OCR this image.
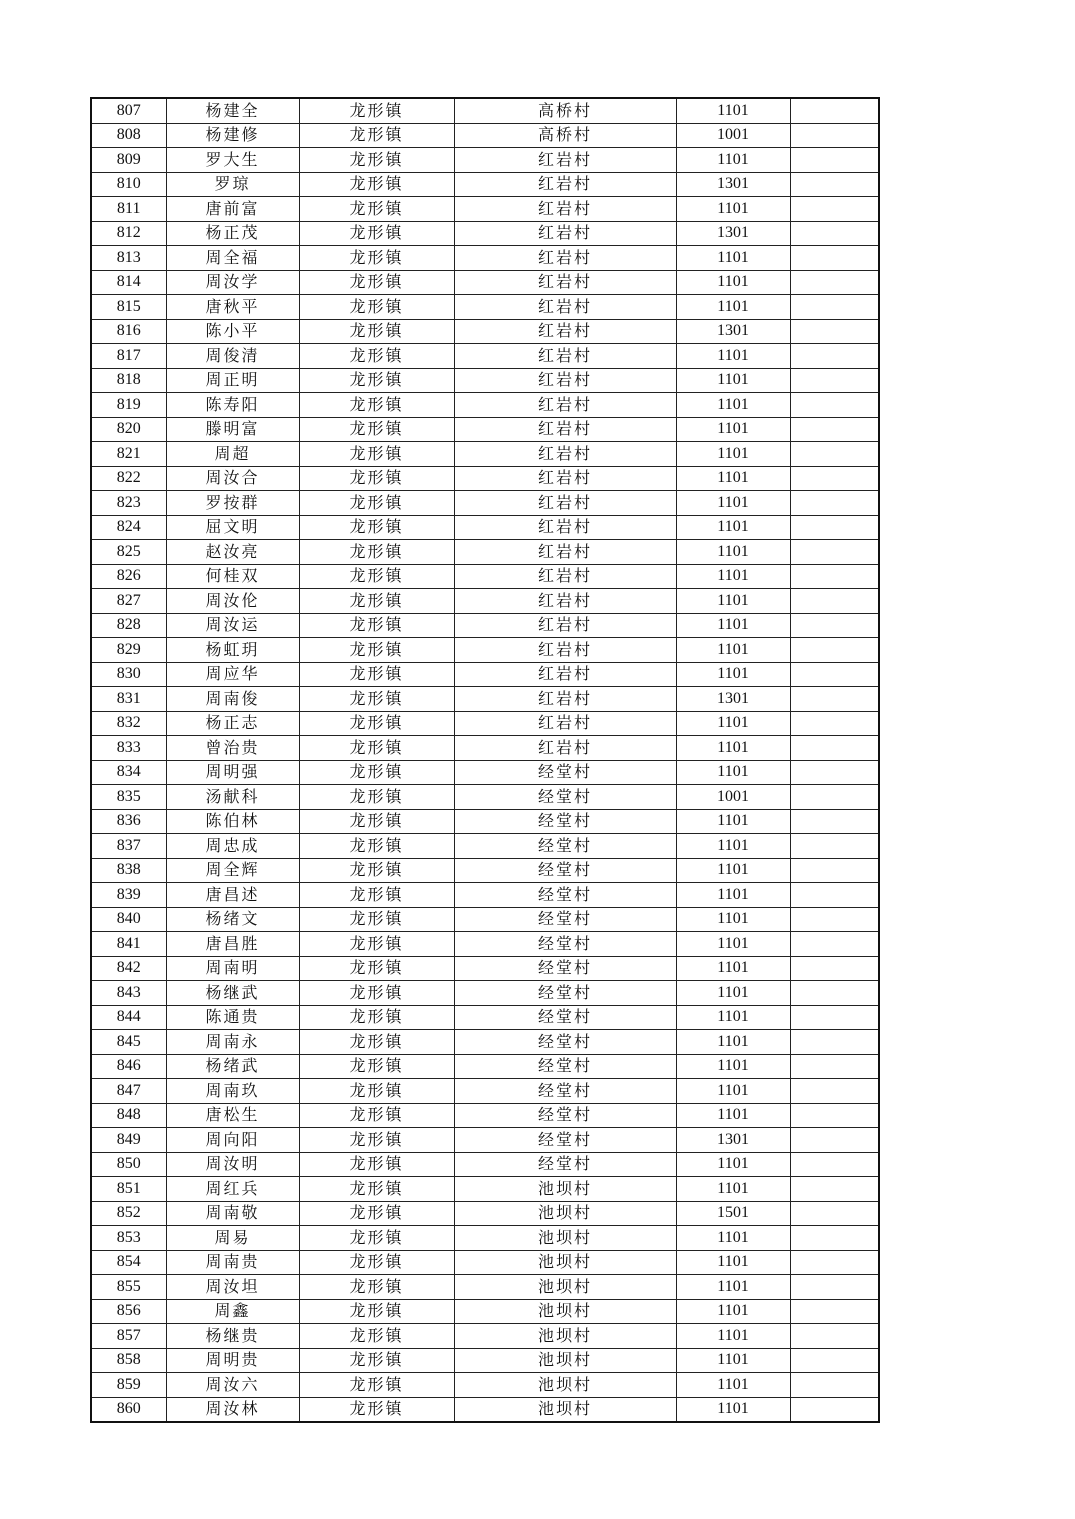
807	杨建全	龙形镇	高桥村	1101	
808	杨建修	龙形镇	高桥村	1001	
809	罗大生	龙形镇	红岩村	1101	
810	罗琼	龙形镇	红岩村	1301	
811	唐前富	龙形镇	红岩村	1101	
812	杨正茂	龙形镇	红岩村	1301	
813	周全福	龙形镇	红岩村	1101	
814	周汝学	龙形镇	红岩村	1101	
815	唐秋平	龙形镇	红岩村	1101	
816	陈小平	龙形镇	红岩村	1301	
817	周俊清	龙形镇	红岩村	1101	
818	周正明	龙形镇	红岩村	1101	
819	陈寿阳	龙形镇	红岩村	1101	
820	滕明富	龙形镇	红岩村	1101	
821	周超	龙形镇	红岩村	1101	
822	周汝合	龙形镇	红岩村	1101	
823	罗按群	龙形镇	红岩村	1101	
824	屈文明	龙形镇	红岩村	1101	
825	赵汝亮	龙形镇	红岩村	1101	
826	何桂双	龙形镇	红岩村	1101	
827	周汝伦	龙形镇	红岩村	1101	
828	周汝运	龙形镇	红岩村	1101	
829	杨虹玥	龙形镇	红岩村	1101	
830	周应华	龙形镇	红岩村	1101	
831	周南俊	龙形镇	红岩村	1301	
832	杨正志	龙形镇	红岩村	1101	
833	曾治贵	龙形镇	红岩村	1101	
834	周明强	龙形镇	经堂村	1101	
835	汤献科	龙形镇	经堂村	1001	
836	陈伯林	龙形镇	经堂村	1101	
837	周忠成	龙形镇	经堂村	1101	
838	周全辉	龙形镇	经堂村	1101	
839	唐昌述	龙形镇	经堂村	1101	
840	杨绪文	龙形镇	经堂村	1101	
841	唐昌胜	龙形镇	经堂村	1101	
842	周南明	龙形镇	经堂村	1101	
843	杨继武	龙形镇	经堂村	1101	
844	陈通贵	龙形镇	经堂村	1101	
845	周南永	龙形镇	经堂村	1101	
846	杨绪武	龙形镇	经堂村	1101	
847	周南玖	龙形镇	经堂村	1101	
848	唐松生	龙形镇	经堂村	1101	
849	周向阳	龙形镇	经堂村	1301	
850	周汝明	龙形镇	经堂村	1101	
851	周红兵	龙形镇	池坝村	1101	
852	周南敬	龙形镇	池坝村	1501	
853	周易	龙形镇	池坝村	1101	
854	周南贵	龙形镇	池坝村	1101	
855	周汝坦	龙形镇	池坝村	1101	
856	周鑫	龙形镇	池坝村	1101	
857	杨继贵	龙形镇	池坝村	1101	
858	周明贵	龙形镇	池坝村	1101	
859	周汝六	龙形镇	池坝村	1101	
860	周汝林	龙形镇	池坝村	1101	
